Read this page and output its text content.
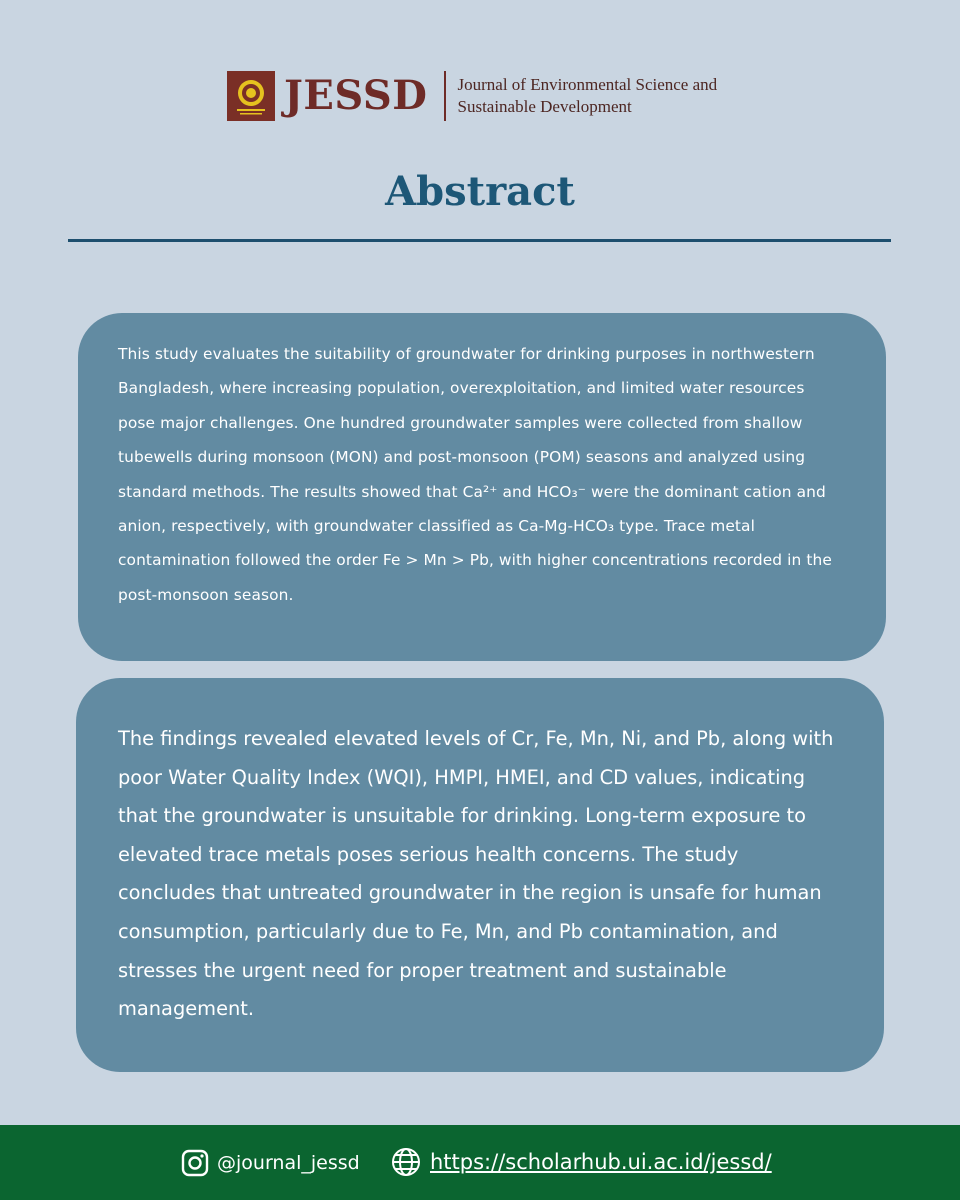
JESSD Journal of Environmental Science and
Sustainable Development
Abstract

This study evaluates the suitability of groundwater for drinking purposes in northwestern Bangladesh, where increasing population, overexploitation, and limited water resources pose major challenges. One hundred groundwater samples were collected from shallow tubewells during monsoon (MON) and post-monsoon (POM) seasons and analyzed using standard methods. The results showed that Ca²⁺ and HCO₃⁻ were the dominant cation and anion, respectively, with groundwater classified as Ca-Mg-HCO₃ type. Trace metal contamination followed the order Fe > Mn > Pb, with higher concentrations recorded in the post-monsoon season.

The findings revealed elevated levels of Cr, Fe, Mn, Ni, and Pb, along with poor Water Quality Index (WQI), HMPI, HMEI, and CD values, indicating that the groundwater is unsuitable for drinking. Long-term exposure to elevated trace metals poses serious health concerns. The study concludes that untreated groundwater in the region is unsafe for human consumption, particularly due to Fe, Mn, and Pb contamination, and stresses the urgent need for proper treatment and sustainable management.

@journal_jessd	https://scholarhub.ui.ac.id/jessd/
